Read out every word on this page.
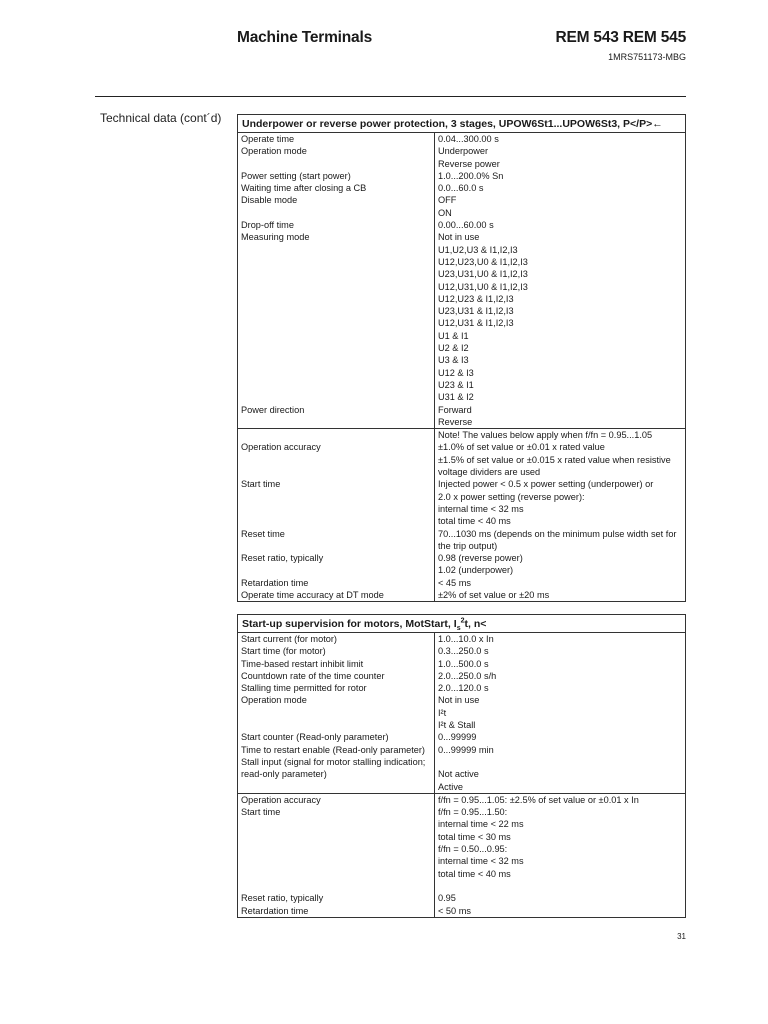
Machine Terminals	REM 543 REM 545
1MRS751173-MBG
Technical data (cont´d)	Underpower or reverse power protection, 3 stages, UPOW6St1...UPOW6St3, P</P>←
Operate time
Operation mode
Power setting (start power)
Waiting time after closing a CB
Disable mode
Drop-off time
Measuring mode
Power direction
0.04...300.00 s
Underpower
Reverse power
1.0...200.0% Sn
0.0...60.0 s
OFF
ON
0.00...60.00 s
Not in use
U1,U2,U3 & I1,I2,I3
U12,U23,U0 & I1,I2,I3
U23,U31,U0 & I1,I2,I3
U12,U31,U0 & I1,I2,I3
U12,U23 & I1,I2,I3
U23,U31 & I1,I2,I3
U12,U31 & I1,I2,I3
U1 & I1
U2 & I2
U3 & I3
U12 & I3
U23 & I1
U31 & I2
Forward
Reverse
Operation accuracy
Start time
Reset time
Reset ratio, typically
Retardation time
Operate time accuracy at DT mode
Note! The values below apply when f/fn = 0.95...1.05
±1.0% of set value or ±0.01 x rated value
±1.5% of set value or ±0.015 x rated value when resistive
voltage dividers are used
Injected power < 0.5 x power setting (underpower) or
2.0 x power setting (reverse power):
internal time < 32 ms
total time < 40 ms
70...1030 ms (depends on the minimum pulse width set for
the trip output)
0.98 (reverse power)
1.02 (underpower)
< 45 ms
±2% of set value or ±20 ms
Start-up supervision for motors, MotStart, $I_s^2t$, n<
Start current (for motor)
Start time (for motor)
Time-based restart inhibit limit
Countdown rate of the time counter
Stalling time permitted for rotor
Operation mode
Start counter (Read-only parameter)
Time to restart enable (Read-only parameter)
Stall input (signal for motor stalling indication;
read-only parameter)
1.0...10.0 x In
0.3...250.0 s
1.0...500.0 s
2.0...250.0 s/h
2.0...120.0 s
Not in use
I²t
I²t & Stall
0...99999
0...99999 min
Not active
Active
Operation accuracy
Start time
Reset ratio, typically
Retardation time
f/fn = 0.95...1.05: ±2.5% of set value or ±0.01 x In
f/fn = 0.95...1.50:
internal time < 22 ms
total time < 30 ms
f/fn = 0.50...0.95:
internal time < 32 ms
total time < 40 ms
0.95
< 50 ms
31
